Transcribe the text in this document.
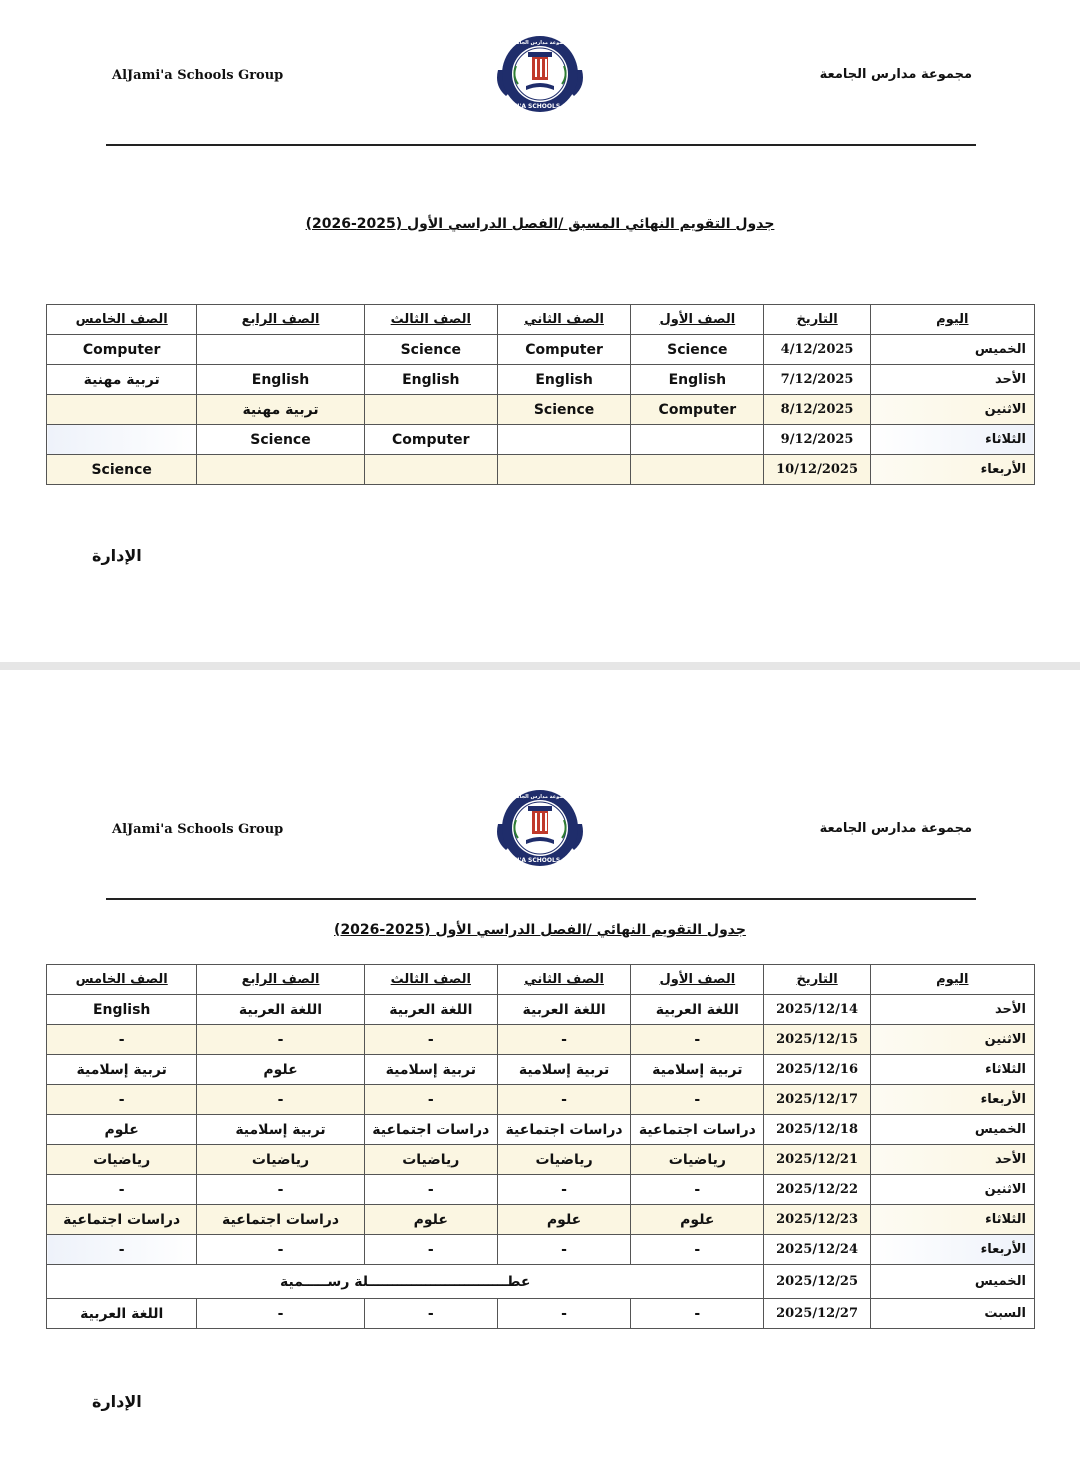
AlJami'a Schools Group	مجموعة مدارس الجامعة
AL JAMI'A SCHOOLS GROUP
مجموعة مدارس الجامعة
جدول التقويم النهائي المسبق /الفصل الدراسي الأول (2025-2026)
اليوم	التاريخ	الصف الأول	الصف الثاني	الصف الثالث	الصف الرابع	الصف الخامس
الخميس	4/12/2025	Science	Computer	Science		Computer
الأحد	7/12/2025	English	English	English	English	تربية مهنية
الاثنين	8/12/2025	Computer	Science		تربية مهنية	
الثلاثاء	9/12/2025			Computer	Science	
الأربعاء	10/12/2025					Science
الإدارة
AlJami'a Schools Group	مجموعة مدارس الجامعة
AL JAMI'A SCHOOLS GROUP
مجموعة مدارس الجامعة
جدول التقويم النهائي /الفصل الدراسي الأول (2025-2026)
اليوم	التاريخ	الصف الأول	الصف الثاني	الصف الثالث	الصف الرابع	الصف الخامس
الأحد	2025/12/14	اللغة العربية	اللغة العربية	اللغة العربية	اللغة العربية	English
الاثنين	2025/12/15	-	-	-	-	-
الثلاثاء	2025/12/16	تربية إسلامية	تربية إسلامية	تربية إسلامية	علوم	تربية إسلامية
الأربعاء	2025/12/17	-	-	-	-	-
الخميس	2025/12/18	دراسات اجتماعية	دراسات اجتماعية	دراسات اجتماعية	تربية إسلامية	علوم
الأحد	2025/12/21	رياضيات	رياضيات	رياضيات	رياضيات	رياضيات
الاثنين	2025/12/22	-	-	-	-	-
الثلاثاء	2025/12/23	علوم	علوم	علوم	دراسات اجتماعية	دراسات اجتماعية
الأربعاء	2025/12/24	-	-	-	-	-
الخميس	2025/12/25	عطـــــــــــــــــــــــــــــلة رســـــمية				
السبت	2025/12/27	-	-	-	-	اللغة العربية
الإدارة
